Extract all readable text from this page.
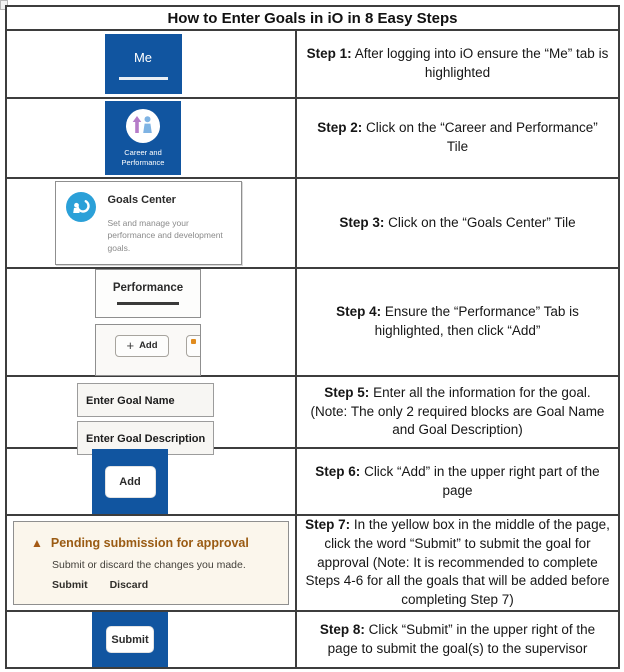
How to Enter Goals in iO in 8 Easy Steps
Me	Step 1: After logging into iO ensure the “Me” tab is highlighted

Career and
Performance

Step 2: Click on the “Career and Performance” Tile

Goals Center
Set and manage your performance and development goals.

Step 3: Click on the “Goals Center” Tile

Performance
+ Add

Step 4: Ensure the “Performance” Tab is highlighted, then click “Add”

Enter Goal Name
Enter Goal Description

Step 5: Enter all the information for the goal. (Note: The only 2 required blocks are Goal Name and Goal Description)

Add

Step 6: Click “Add” in the upper right part of the page

▲ Pending submission for approval
Submit or discard the changes you made.
Submit Discard

Step 7: In the yellow box in the middle of the page, click the word “Submit” to submit the goal for approval (Note: It is recommended to complete Steps 4-6 for all the goals that will be added before completing Step 7)

Submit

Step 8: Click “Submit” in the upper right of the page to submit the goal(s) to the supervisor
